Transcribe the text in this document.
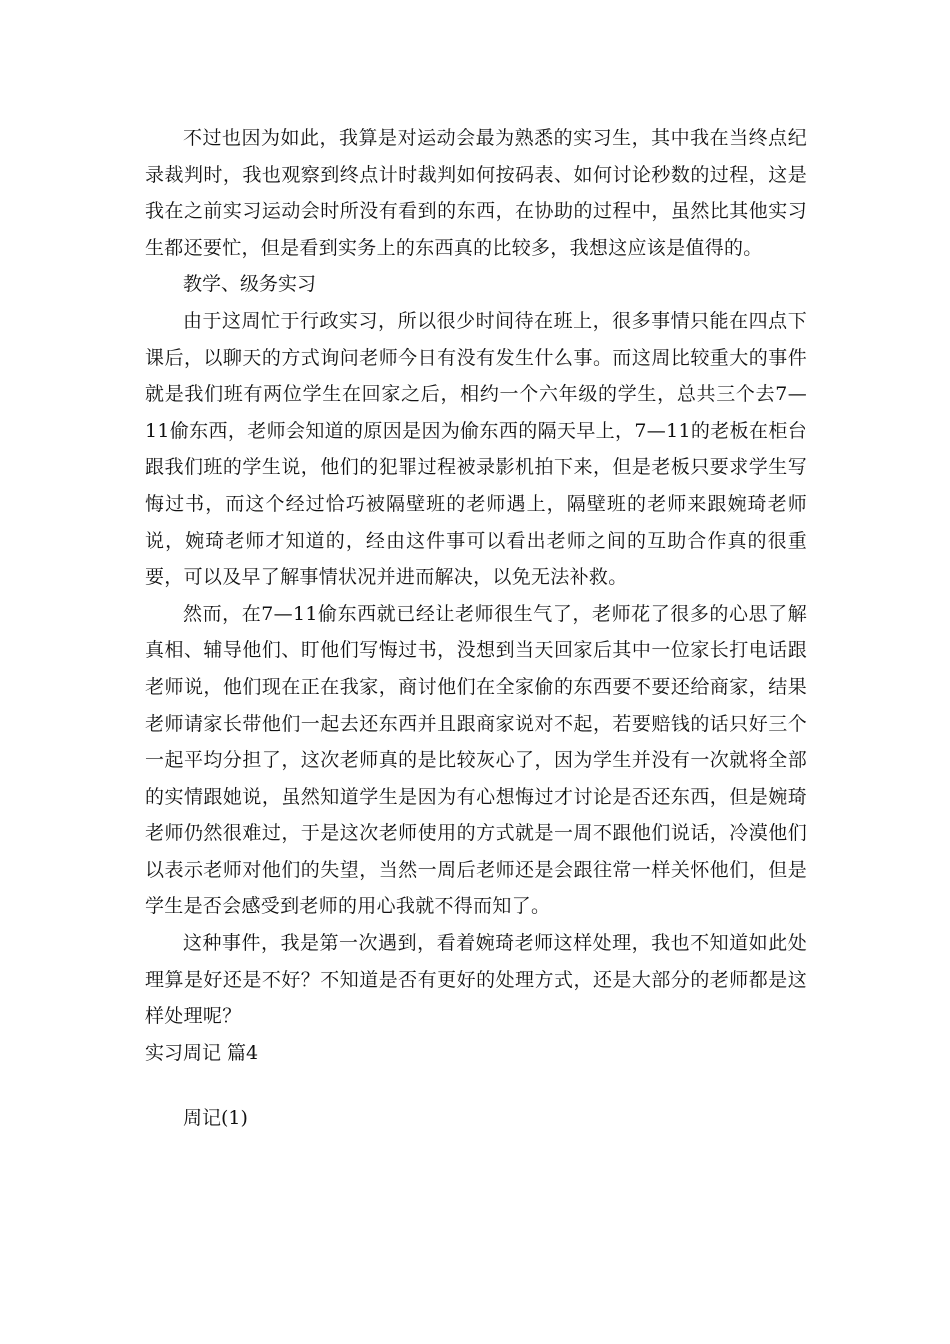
不过也因为如此，我算是对运动会最为熟悉的实习生，其中我在当终点纪录裁判时，我也观察到终点计时裁判如何按码表、如何讨论秒数的过程，这是我在之前实习运动会时所没有看到的东西，在协助的过程中，虽然比其他实习生都还要忙，但是看到实务上的东西真的比较多，我想这应该是值得的。

教学、级务实习

由于这周忙于行政实习，所以很少时间待在班上，很多事情只能在四点下课后，以聊天的方式询问老师今日有没有发生什么事。而这周比较重大的事件就是我们班有两位学生在回家之后，相约一个六年级的学生，总共三个去7—11偷东西，老师会知道的原因是因为偷东西的隔天早上，7—11的老板在柜台跟我们班的学生说，他们的犯罪过程被录影机拍下来，但是老板只要求学生写悔过书，而这个经过恰巧被隔壁班的老师遇上，隔壁班的老师来跟婉琦老师说，婉琦老师才知道的，经由这件事可以看出老师之间的互助合作真的很重要，可以及早了解事情状况并进而解决，以免无法补救。

然而，在7—11偷东西就已经让老师很生气了，老师花了很多的心思了解真相、辅导他们、盯他们写悔过书，没想到当天回家后其中一位家长打电话跟老师说，他们现在正在我家，商讨他们在全家偷的东西要不要还给商家，结果老师请家长带他们一起去还东西并且跟商家说对不起，若要赔钱的话只好三个一起平均分担了，这次老师真的是比较灰心了，因为学生并没有一次就将全部的实情跟她说，虽然知道学生是因为有心想悔过才讨论是否还东西，但是婉琦老师仍然很难过，于是这次老师使用的方式就是一周不跟他们说话，冷漠他们以表示老师对他们的失望，当然一周后老师还是会跟往常一样关怀他们，但是学生是否会感受到老师的用心我就不得而知了。

这种事件，我是第一次遇到，看着婉琦老师这样处理，我也不知道如此处理算是好还是不好？不知道是否有更好的处理方式，还是大部分的老师都是这样处理呢？

实习周记 篇4

周记(1)
